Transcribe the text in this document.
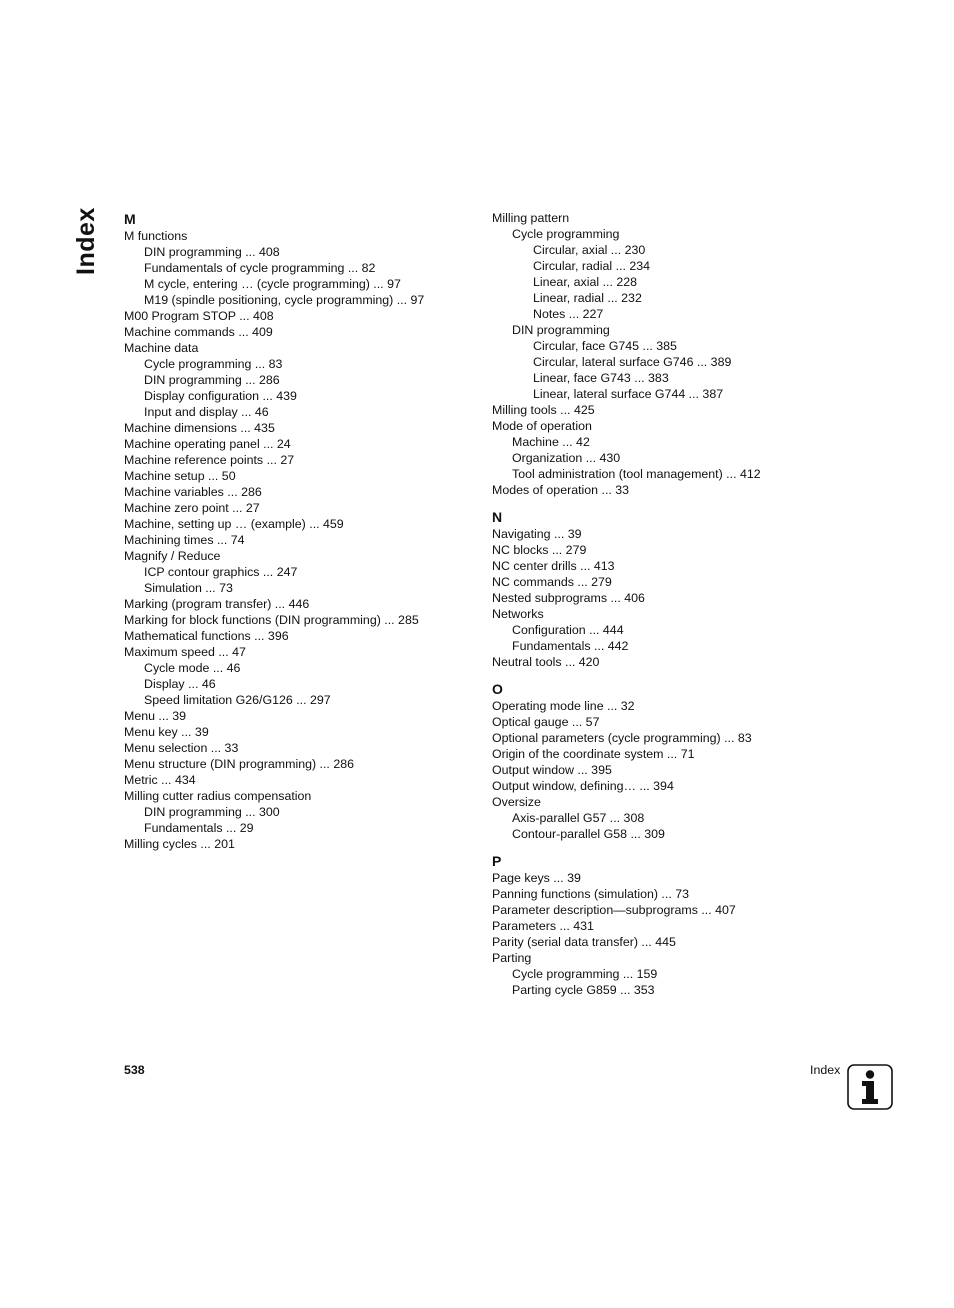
Index M
M functions
DIN programming ... 408
Fundamentals of cycle programming ... 82
M cycle, entering … (cycle programming) ... 97
M19 (spindle positioning, cycle programming) ... 97
M00 Program STOP ... 408
Machine commands ... 409
Machine data
Cycle programming ... 83
DIN programming ... 286
Display configuration ... 439
Input and display ... 46
Machine dimensions ... 435
Machine operating panel ... 24
Machine reference points ... 27
Machine setup ... 50
Machine variables ... 286
Machine zero point ... 27
Machine, setting up … (example) ... 459
Machining times ... 74
Magnify / Reduce
ICP contour graphics ... 247
Simulation ... 73
Marking (program transfer) ... 446
Marking for block functions (DIN programming) ... 285
Mathematical functions ... 396
Maximum speed ... 47
Cycle mode ... 46
Display ... 46
Speed limitation G26/G126 ... 297
Menu ... 39
Menu key ... 39
Menu selection ... 33
Menu structure (DIN programming) ... 286
Metric ... 434
Milling cutter radius compensation
DIN programming ... 300
Fundamentals ... 29
Milling cycles ... 201
Milling pattern
Cycle programming
Circular, axial ... 230
Circular, radial ... 234
Linear, axial ... 228
Linear, radial ... 232
Notes ... 227
DIN programming
Circular, face G745 ... 385
Circular, lateral surface G746 ... 389
Linear, face G743 ... 383
Linear, lateral surface G744 ... 387
Milling tools ... 425
Mode of operation
Machine ... 42
Organization ... 430
Tool administration (tool management) ... 412
Modes of operation ... 33
N
Navigating ... 39
NC blocks ... 279
NC center drills ... 413
NC commands ... 279
Nested subprograms ... 406
Networks
Configuration ... 444
Fundamentals ... 442
Neutral tools ... 420
O
Operating mode line ... 32
Optical gauge ... 57
Optional parameters (cycle programming) ... 83
Origin of the coordinate system ... 71
Output window ... 395
Output window, defining… ... 394
Oversize
Axis-parallel G57 ... 308
Contour-parallel G58 ... 309
P
Page keys ... 39
Panning functions (simulation) ... 73
Parameter description—subprograms ... 407
Parameters ... 431
Parity (serial data transfer) ... 445
Parting
Cycle programming ... 159
Parting cycle G859 ... 353
538	Index
